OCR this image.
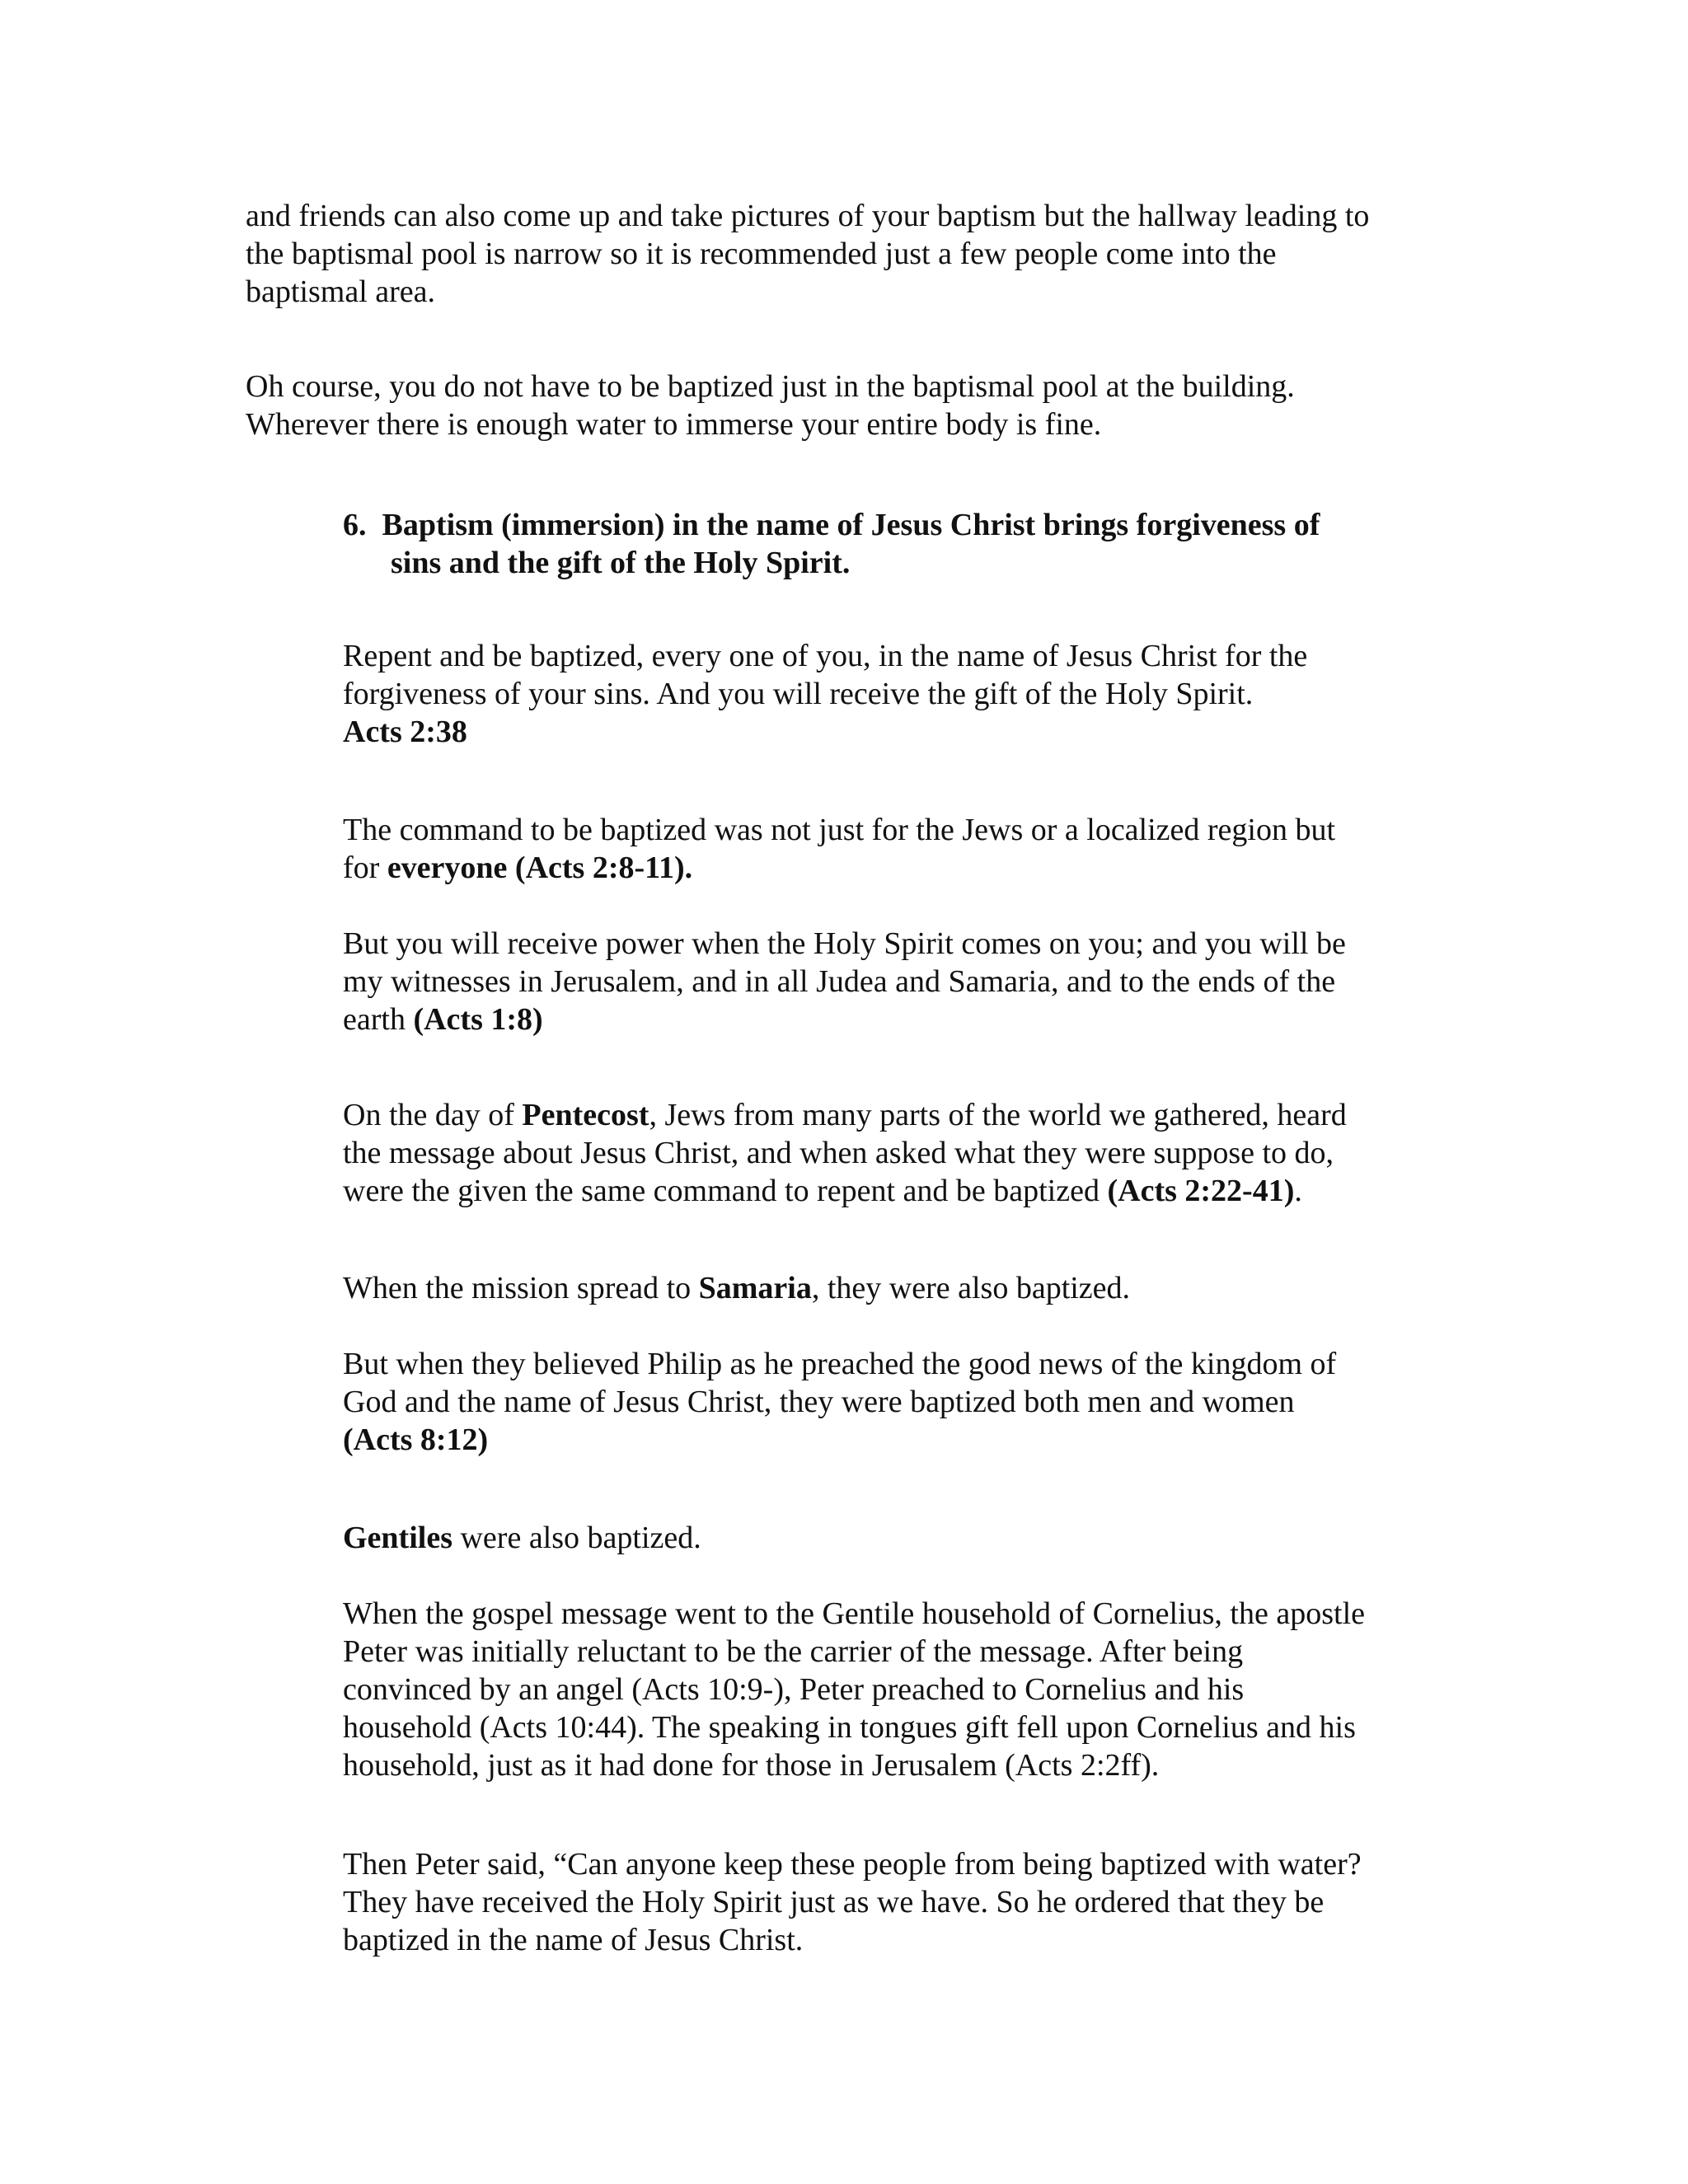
and friends can also come up and take pictures of your baptism but the hallway leading to
the baptismal pool is narrow so it is recommended just a few people come into the
baptismal area.

Oh course, you do not have to be baptized just in the baptismal pool at the building.
Wherever there is enough water to immerse your entire body is fine.

6. Baptism (immersion) in the name of Jesus Christ brings forgiveness of
sins and the gift of the Holy Spirit.

Repent and be baptized, every one of you, in the name of Jesus Christ for the
forgiveness of your sins. And you will receive the gift of the Holy Spirit.
Acts 2:38

The command to be baptized was not just for the Jews or a localized region but
for everyone (Acts 2:8-11).

But you will receive power when the Holy Spirit comes on you; and you will be
my witnesses in Jerusalem, and in all Judea and Samaria, and to the ends of the
earth (Acts 1:8)

On the day of Pentecost, Jews from many parts of the world we gathered, heard
the message about Jesus Christ, and when asked what they were suppose to do,
were the given the same command to repent and be baptized (Acts 2:22-41).

When the mission spread to Samaria, they were also baptized.

But when they believed Philip as he preached the good news of the kingdom of
God and the name of Jesus Christ, they were baptized both men and women
(Acts 8:12)

Gentiles were also baptized.

When the gospel message went to the Gentile household of Cornelius, the apostle
Peter was initially reluctant to be the carrier of the message. After being
convinced by an angel (Acts 10:9-), Peter preached to Cornelius and his
household (Acts 10:44). The speaking in tongues gift fell upon Cornelius and his
household, just as it had done for those in Jerusalem (Acts 2:2ff).

Then Peter said, “Can anyone keep these people from being baptized with water?
They have received the Holy Spirit just as we have. So he ordered that they be
baptized in the name of Jesus Christ.
